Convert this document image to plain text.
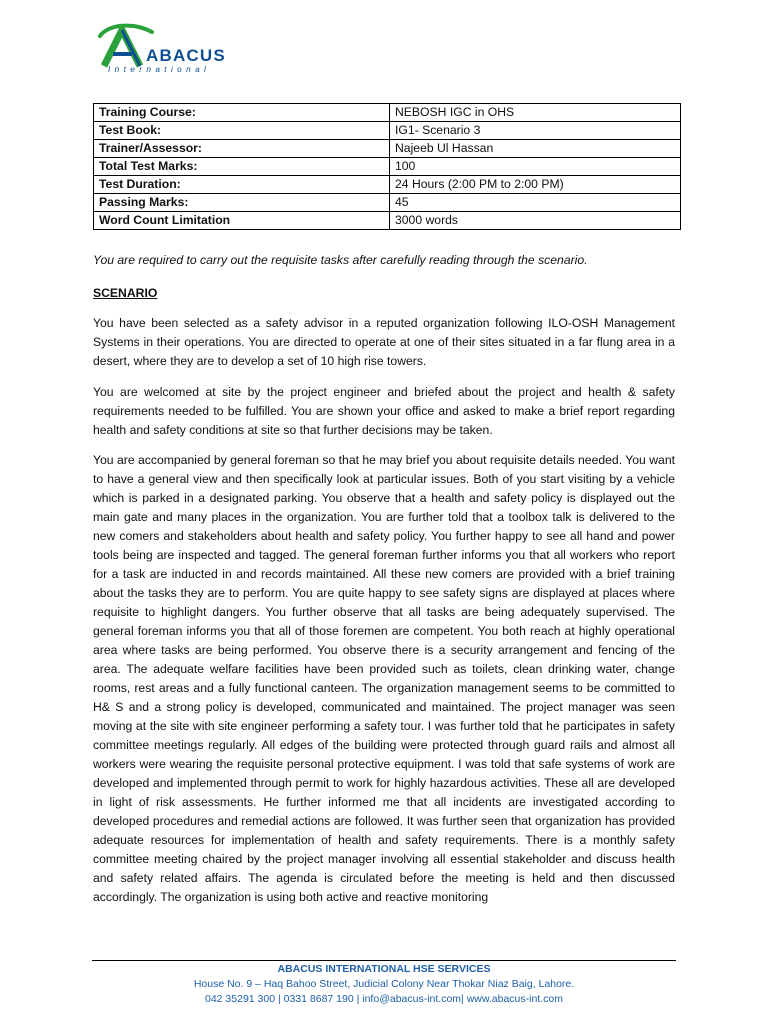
ABACUS
International
Training Course:	NEBOSH IGC in OHS
Test Book:	IG1- Scenario 3
Trainer/Assessor:	Najeeb Ul Hassan
Total Test Marks:	100
Test Duration:	24 Hours (2:00 PM to 2:00 PM)
Passing Marks:	45
Word Count Limitation	3000 words
You are required to carry out the requisite tasks after carefully reading through the scenario.
SCENARIO

You have been selected as a safety advisor in a reputed organization following ILO-OSH Management Systems in their operations. You are directed to operate at one of their sites situated in a far flung area in a desert, where they are to develop a set of 10 high rise towers.

You are welcomed at site by the project engineer and briefed about the project and health & safety requirements needed to be fulfilled. You are shown your office and asked to make a brief report regarding health and safety conditions at site so that further decisions may be taken.

You are accompanied by general foreman so that he may brief you about requisite details needed. You want to have a general view and then specifically look at particular issues. Both of you start visiting by a vehicle which is parked in a designated parking. You observe that a health and safety policy is displayed out the main gate and many places in the organization. You are further told that a toolbox talk is delivered to the new comers and stakeholders about health and safety policy. You further happy to see all hand and power tools being are inspected and tagged. The general foreman further informs you that all workers who report for a task are inducted in and records maintained. All these new comers are provided with a brief training about the tasks they are to perform. You are quite happy to see safety signs are displayed at places where requisite to highlight dangers. You further observe that all tasks are being adequately supervised. The general foreman informs you that all of those foremen are competent. You both reach at highly operational area where tasks are being performed. You observe there is a security arrangement and fencing of the area. The adequate welfare facilities have been provided such as toilets, clean drinking water, change rooms, rest areas and a fully functional canteen. The organization management seems to be committed to H& S and a strong policy is developed, communicated and maintained. The project manager was seen moving at the site with site engineer performing a safety tour. I was further told that he participates in safety committee meetings regularly. All edges of the building were protected through guard rails and almost all workers were wearing the requisite personal protective equipment. I was told that safe systems of work are developed and implemented through permit to work for highly hazardous activities. These all are developed in light of risk assessments. He further informed me that all incidents are investigated according to developed procedures and remedial actions are followed. It was further seen that organization has provided adequate resources for implementation of health and safety requirements. There is a monthly safety committee meeting chaired by the project manager involving all essential stakeholder and discuss health and safety related affairs. The agenda is circulated before the meeting is held and then discussed accordingly. The organization is using both active and reactive monitoring

ABACUS INTERNATIONAL HSE SERVICES
House No. 9 – Haq Bahoo Street, Judicial Colony Near Thokar Niaz Baig, Lahore.
042 35291 300 | 0331 8687 190 | info@abacus-int.com| www.abacus-int.com
